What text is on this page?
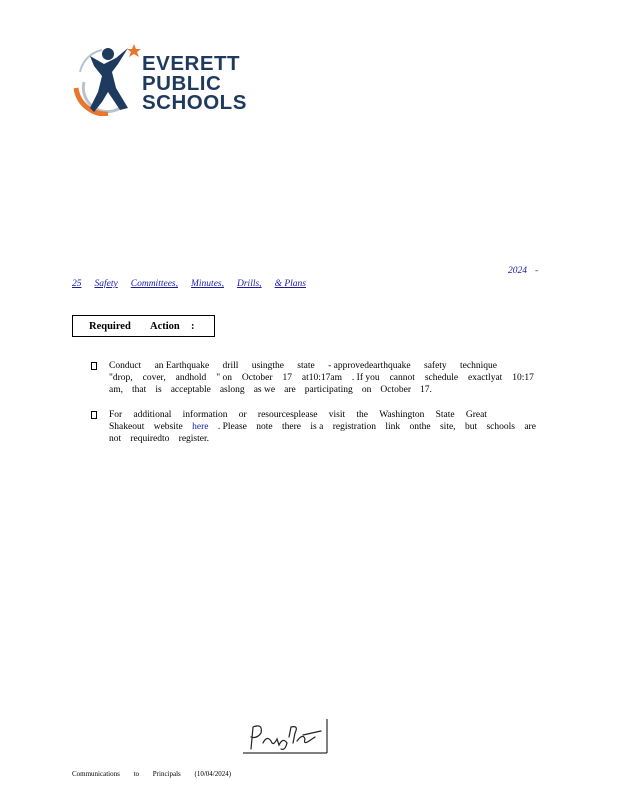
EVERETT
PUBLIC
SCHOOLS
2024 -
25 Safety Committees, Minutes, Drills, & Plans
Required Action :
Conduct an Earthquake drill usingthe state - approvedearthquake safety technique
"drop, cover, andhold " on October 17 at10:17am . If you cannot schedule exactlyat 10:17
am, that is acceptable aslong as we are participating on October 17.
For additional information or resourcesplease visit the Washington State Great
Shakeout website here . Please note there is a registration link onthe site, but schools are
not requiredto register.
Communications to Principals (10/04/2024)
